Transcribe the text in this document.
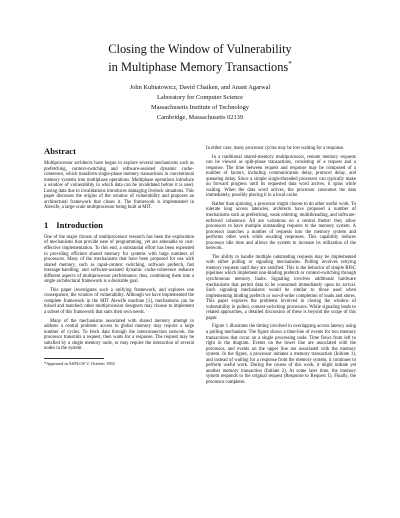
Closing the Window of Vulnerability
in Multiphase Memory Transactions*
John Kubiatowicz, David Chaiken, and Anant Agarwal
Laboratory for Computer Science
Massachusetts Institute of Technology
Cambridge, Massachusetts 02139
Abstract

Multiprocessor architects have begun to explore several mechanisms such as prefetching, context-switching and software-assisted dynamic cache-coherence, which transform single-phase memory transactions in conventional memory systems into multiphase operations. Multiphase operations introduce a window of vulnerability in which data can be invalidated before it is used. Losing data due to invalidations introduces damaging livelock situations. This paper discusses the origins of the window of vulnerability and proposes an architectural framework that closes it. The framework is implemented in Alewife, a large-scale multiprocessor being built at MIT.

1 Introduction

One of the major thrusts of multiprocessor research has been the exploration of mechanisms that provide ease of programming, yet are amenable to cost-effective implementation. To this end, a substantial effort has been expended in providing efficient shared memory for systems with large numbers of processors. Many of the mechanisms that have been proposed for use with shared memory, such as rapid-context switching, software prefetch, fast message-handling, and software-assisted dynamic cache-coherence enhance different aspects of multiprocessor performance; thus, combining them into a single architectural framework is a desirable goal.

This paper investigates such a unifying framework, and explores one consequence, the window of vulnerability. Although we have implemented the complete framework in the MIT Alewife machine [1], mechanisms can be mixed and matched; other multiprocessor designers may choose to implement a subset of this framework that suits their own needs.

Many of the mechanisms associated with shared memory attempt to address a central problem: access to global memory may require a large number of cycles. To fetch data through the interconnection network, the processor transmits a request, then waits for a response. The request may be satisfied by a single memory node, or may require the interaction of several nodes in the system.

*Appeared in ASPLOS V, October 1992

In either case, many processor cycles may be lost waiting for a response.

In a traditional shared-memory multiprocessor, remote memory requests can be viewed as split-phase transactions, consisting of a request and a response. The time between request and response may be composed of a number of factors, including communication delay, protocol delay, and queueing delay. Since a simple single-threaded processor can typically make no forward progress until its requested data word arrives, it spins while waiting. When the data word arrives, the processor consumes the data immediately, possibly placing it in a local cache.

Rather than spinning, a processor might choose to do other useful work. To tolerate long access latencies, architects have proposed a number of mechanisms such as prefetching, weak ordering, multithreading, and software-enforced coherence. All are variations on a central theme: they allow processors to have multiple outstanding requests to the memory system. A processor launches a number of requests into the memory system and performs other work while awaiting responses. This capability reduces processor idle time and allows the system to increase its utilization of the network.

The ability to handle multiple outstanding requests may be implemented with either polling or signaling mechanisms. Polling involves retrying memory requests until they are satisfied. This is the behavior of simple RISC pipelines which implement non-binding prefetch or context-switching through synchronous memory faults. Signaling involves additional hardware mechanisms that permit data to be consumed immediately upon its arrival. Such signaling mechanisms would be similar to those used when implementing binding prefetch or out-of-order completion of loads and stores. This paper explores the problems involved in closing the window of vulnerability in polled, context-switching processors. While signaling leads to related approaches, a detailed discussion of these is beyond the scope of this paper.

Figure 1 illustrates the timing involved in overlapping access latency using a polling mechanism. The figure shows a time-line of events for two memory transactions that occur on a single processing node. Time flows from left to right in the diagram. Events on the lower line are associated with the processor, and events on the upper line are associated with the memory system. In the figure, a processor initiates a memory transaction (Initiate 1), and instead of waiting for a response from the memory system, it continues to perform useful work. During the course of this work, it might initiate yet another memory transaction (Initiate 2). At some later time, the memory system responds to the original request (Response to Request 1). Finally, the processor completes
